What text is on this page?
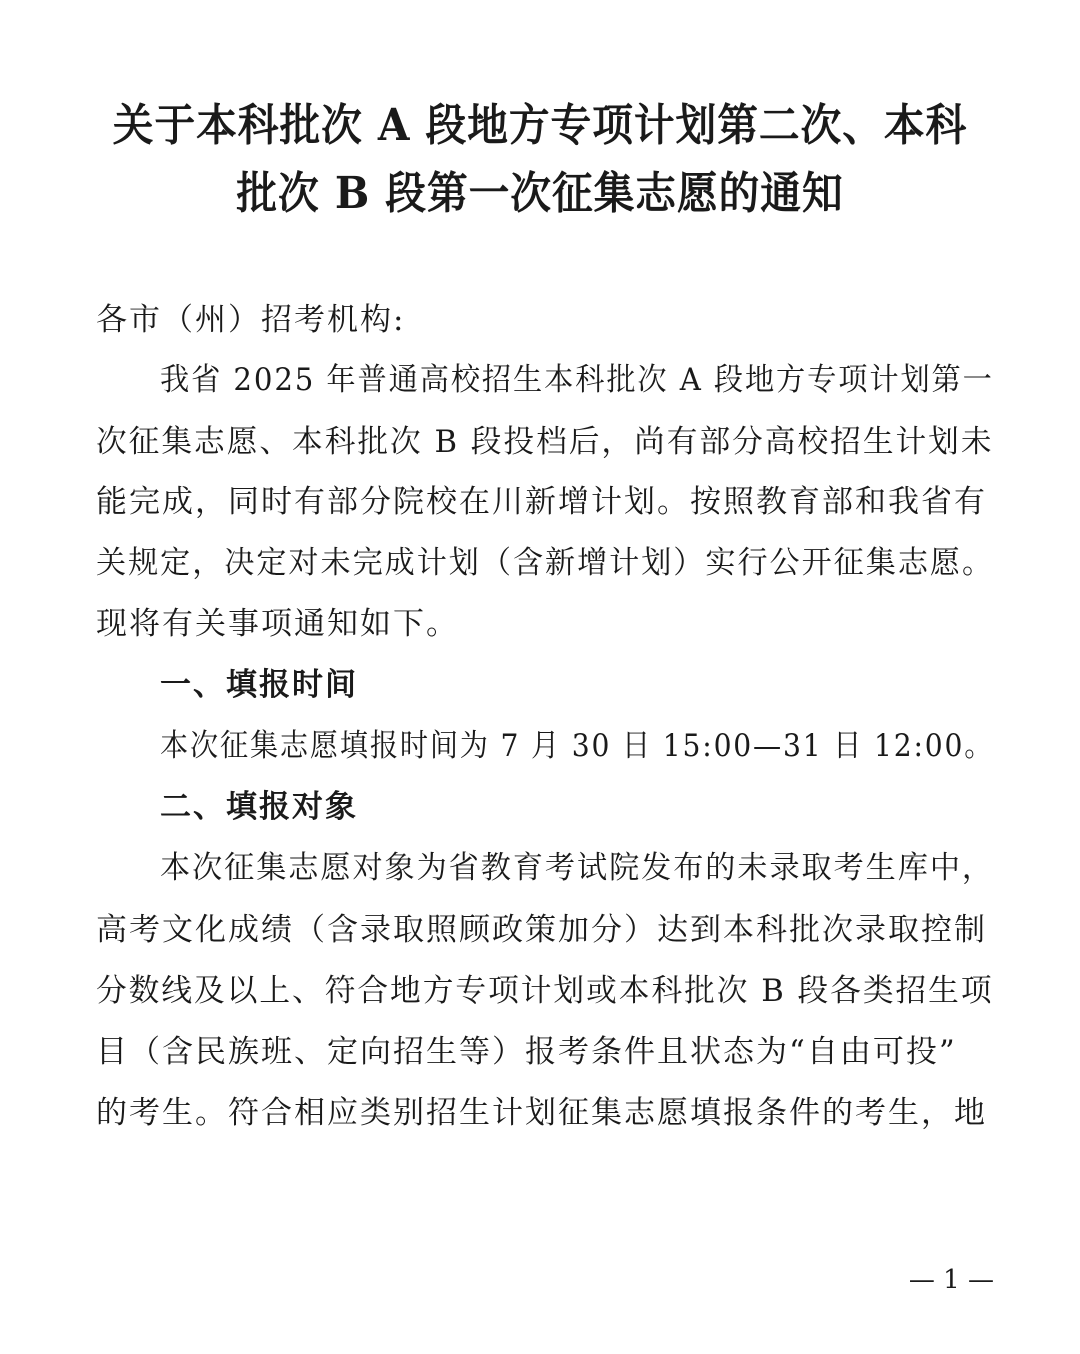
关于本科批次 A 段地方专项计划第二次、本科
批次 B 段第一次征集志愿的通知
各市（州）招考机构:
我省 2025 年普通高校招生本科批次 A 段地方专项计划第一
次征集志愿、本科批次 B 段投档后，尚有部分高校招生计划未
能完成，同时有部分院校在川新增计划。按照教育部和我省有
关规定，决定对未完成计划（含新增计划）实行公开征集志愿。
现将有关事项通知如下。
一、填报时间
本次征集志愿填报时间为 7 月 30 日 15:00—31 日 12:00。
二、填报对象
本次征集志愿对象为省教育考试院发布的未录取考生库中，
高考文化成绩（含录取照顾政策加分）达到本科批次录取控制
分数线及以上、符合地方专项计划或本科批次 B 段各类招生项
目（含民族班、定向招生等）报考条件且状态为“自由可投”
的考生。符合相应类别招生计划征集志愿填报条件的考生，地
— 1 —
